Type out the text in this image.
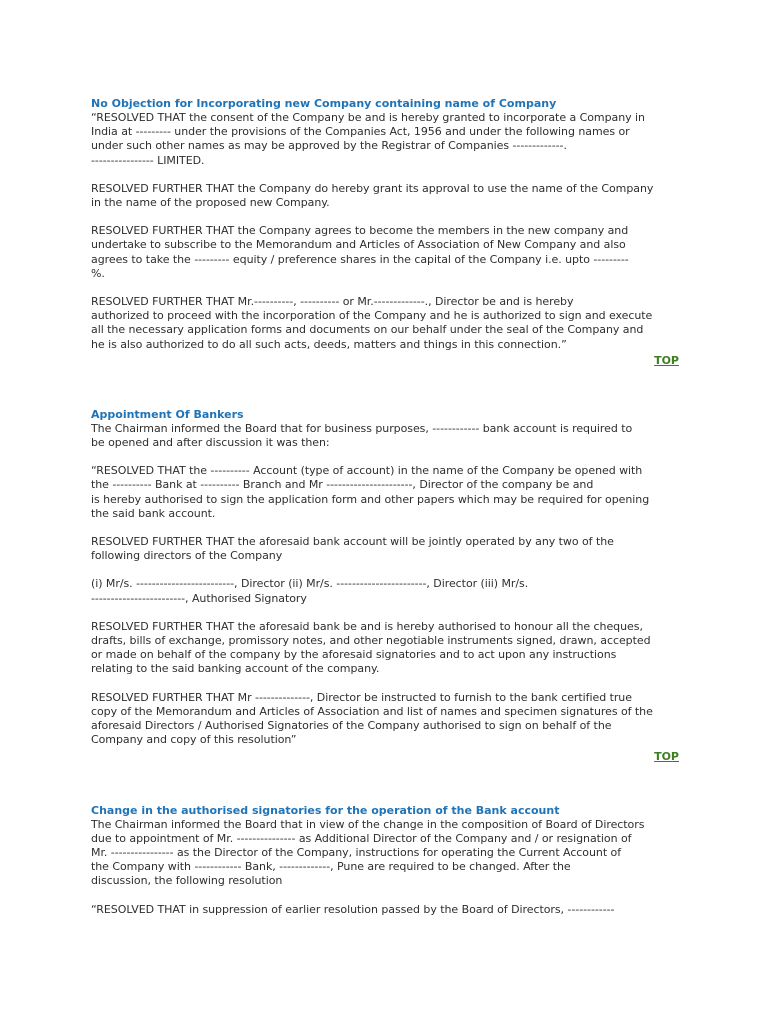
No Objection for Incorporating new Company containing name of Company

“RESOLVED THAT the consent of the Company be and is hereby granted to incorporate a Company in
India at --------- under the provisions of the Companies Act, 1956 and under the following names or
under such other names as may be approved by the Registrar of Companies -------------.
---------------- LIMITED.

RESOLVED FURTHER THAT the Company do hereby grant its approval to use the name of the Company
in the name of the proposed new Company.

RESOLVED FURTHER THAT the Company agrees to become the members in the new company and
undertake to subscribe to the Memorandum and Articles of Association of New Company and also
agrees to take the --------- equity / preference shares in the capital of the Company i.e. upto ---------
%.

RESOLVED FURTHER THAT Mr.----------, ---------- or Mr.-------------., Director be and is hereby
authorized to proceed with the incorporation of the Company and he is authorized to sign and execute
all the necessary application forms and documents on our behalf under the seal of the Company and
he is also authorized to do all such acts, deeds, matters and things in this connection.”

TOP
Appointment Of Bankers

The Chairman informed the Board that for business purposes, ------------ bank account is required to
be opened and after discussion it was then:

“RESOLVED THAT the ---------- Account (type of account) in the name of the Company be opened with
the ---------- Bank at ---------- Branch and Mr ----------------------, Director of the company be and
is hereby authorised to sign the application form and other papers which may be required for opening
the said bank account.

RESOLVED FURTHER THAT the aforesaid bank account will be jointly operated by any two of the
following directors of the Company

(i) Mr/s. -------------------------, Director (ii) Mr/s. -----------------------, Director (iii) Mr/s.
------------------------, Authorised Signatory

RESOLVED FURTHER THAT the aforesaid bank be and is hereby authorised to honour all the cheques,
drafts, bills of exchange, promissory notes, and other negotiable instruments signed, drawn, accepted
or made on behalf of the company by the aforesaid signatories and to act upon any instructions
relating to the said banking account of the company.

RESOLVED FURTHER THAT Mr --------------, Director be instructed to furnish to the bank certified true
copy of the Memorandum and Articles of Association and list of names and specimen signatures of the
aforesaid Directors / Authorised Signatories of the Company authorised to sign on behalf of the
Company and copy of this resolution”

TOP
Change in the authorised signatories for the operation of the Bank account

The Chairman informed the Board that in view of the change in the composition of Board of Directors
due to appointment of Mr. --------------- as Additional Director of the Company and / or resignation of
Mr. ---------------- as the Director of the Company, instructions for operating the Current Account of
the Company with ------------ Bank, -------------, Pune are required to be changed. After the
discussion, the following resolution

“RESOLVED THAT in suppression of earlier resolution passed by the Board of Directors, ------------
